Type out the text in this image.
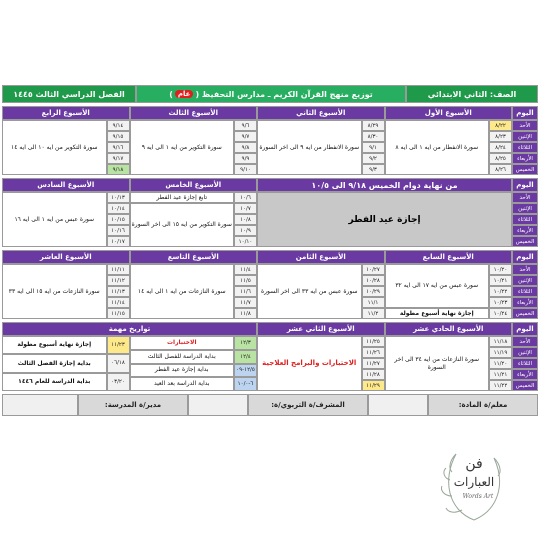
الصف: الثاني الابتدائي
توزيع منهج القرآن الكريم ـ مدارس التحفيظ (
عام
)
الفصل الدراسي الثالث ١٤٤٥
اليوم
الأحد
الإثنين
الثلاثاء
الأربعاء
الخميس
الأسبوع الأول
٨/٢٢
٨/٢٣
٨/٢٤
٨/٢٥
٨/٢٦
سورة الانفطار من ايه ١ الى ايه ٨
الأسبوع الثاني
٨/٢٩
٨/٣٠
٩/١
٩/٢
٩/٣
سورة الانفطار من ايه ٩ الى اخر السورة
الأسبوع الثالث
٩/٦
٩/٧
٩/٨
٩/٩
٩/١٠
سورة التكوير من ايه ١ الى ايه ٩
الأسبوع الرابع
٩/١٤
٩/١٥
٩/١٦
٩/١٧
٩/١٨
سورة التكوير من ايه ١٠ الى ايه ١٤
اليوم
الأحد
الإثنين
الثلاثاء
الأربعاء
الخميس
من نهاية دوام الخميس ٩/١٨ الى ١٠/٥
إجازة عيد الفطر
الأسبوع الخامس
١٠/٦
١٠/٧
١٠/٨
١٠/٩
١٠/١٠
تابع إجازة عيد الفطر
سورة التكوير من ايه ١٥ الى اخر السورة
الأسبوع السادس
١٠/١٣
١٠/١٤
١٠/١٥
١٠/١٦
١٠/١٧
سورة عبس من ايه ١ الى ايه ١٦
اليوم
الأحد
الإثنين
الثلاثاء
الأربعاء
الخميس
الأسبوع السابع
١٠/٢٠
١٠/٢١
١٠/٢٢
١٠/٢٣
١٠/٢٤
سورة عبس من ايه ١٧ الى ايه ٣٢
إجازة نهاية أسبوع مطولة
الأسبوع الثامن
١٠/٢٧
١٠/٢٨
١٠/٢٩
١١/١
١١/٢
سورة عبس من ايه ٣٣ الى اخر السورة
الأسبوع التاسع
١١/٤
١١/٥
١١/٦
١١/٧
١١/٨
سورة النازعات من ايه ١ الى ايه ١٤
الأسبوع العاشر
١١/١١
١١/١٢
١١/١٣
١١/١٤
١١/١٥
سورة النازعات من ايه ١٥ الى ايه ٣٣
اليوم
الأحد
الإثنين
الثلاثاء
الأربعاء
الخميس
الأسبوع الحادي عشر
١١/١٨
١١/١٩
١١/٢٠
١١/٢١
١١/٢٢
سورة النازعات من ايه ٣٤ الى اخر السورة
الأسبوع الثاني عشر
١١/٢٥
١١/٢٦
١١/٢٧
١١/٢٨
١١/٢٩
الاختبارات والبرامج العلاجية
تواريخ مهمة
١٢/٣
الاختبارات
١٢/٤
بداية الدراسة للفصل الثالث
١٢/٥-٠٩
بداية إجازة عيد الفطر
٦-١٠/٠
بداية الدراسة بعد العيد
١١/٢٣
إجازة نهاية أسبوع مطولة
٠٦/١٨
بداية إجازة الفصل الثالث
٠٣/٢٠
بداية الدراسة للعام ١٤٤٦
معلم/ة المادة:
المشرف/ة التربوي/ة:
مدير/ة المدرسة:
فن
العبارات
Words Art
